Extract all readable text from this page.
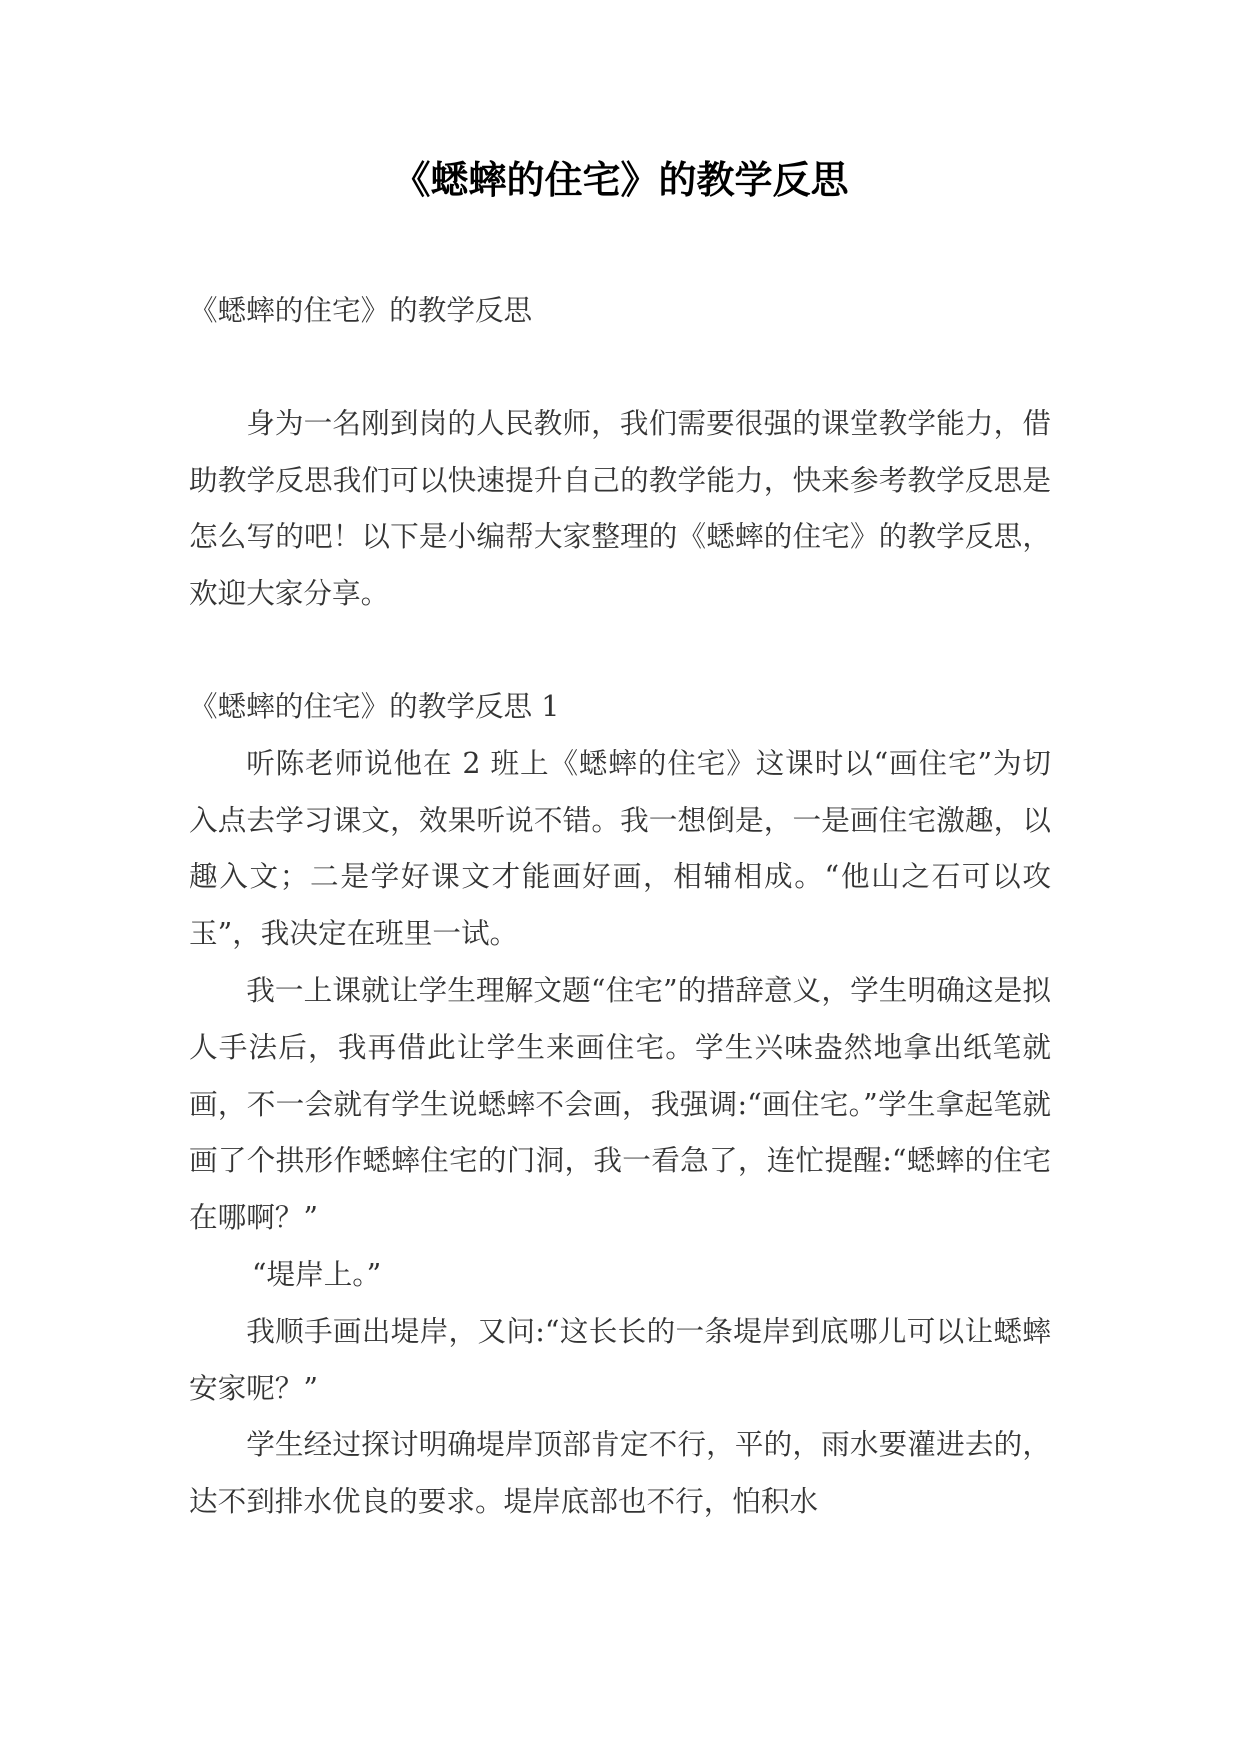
《蟋蟀的住宅》的教学反思

《蟋蟀的住宅》的教学反思

身为一名刚到岗的人民教师，我们需要很强的课堂教学能力，借助教学反思我们可以快速提升自己的教学能力，快来参考教学反思是怎么写的吧！以下是小编帮大家整理的《蟋蟀的住宅》的教学反思，欢迎大家分享。

《蟋蟀的住宅》的教学反思 1

听陈老师说他在 2 班上《蟋蟀的住宅》这课时以“画住宅”为切入点去学习课文，效果听说不错。我一想倒是，一是画住宅激趣，以趣入文；二是学好课文才能画好画，相辅相成。“他山之石可以攻玉”，我决定在班里一试。

我一上课就让学生理解文题“住宅”的措辞意义，学生明确这是拟人手法后，我再借此让学生来画住宅。学生兴味盎然地拿出纸笔就画，不一会就有学生说蟋蟀不会画，我强调:“画住宅。”学生拿起笔就画了个拱形作蟋蟀住宅的门洞，我一看急了，连忙提醒:“蟋蟀的住宅在哪啊？”

“堤岸上。”

我顺手画出堤岸，又问:“这长长的一条堤岸到底哪儿可以让蟋蟀安家呢？”

学生经过探讨明确堤岸顶部肯定不行，平的，雨水要灌进去的，达不到排水优良的要求。堤岸底部也不行，怕积水
